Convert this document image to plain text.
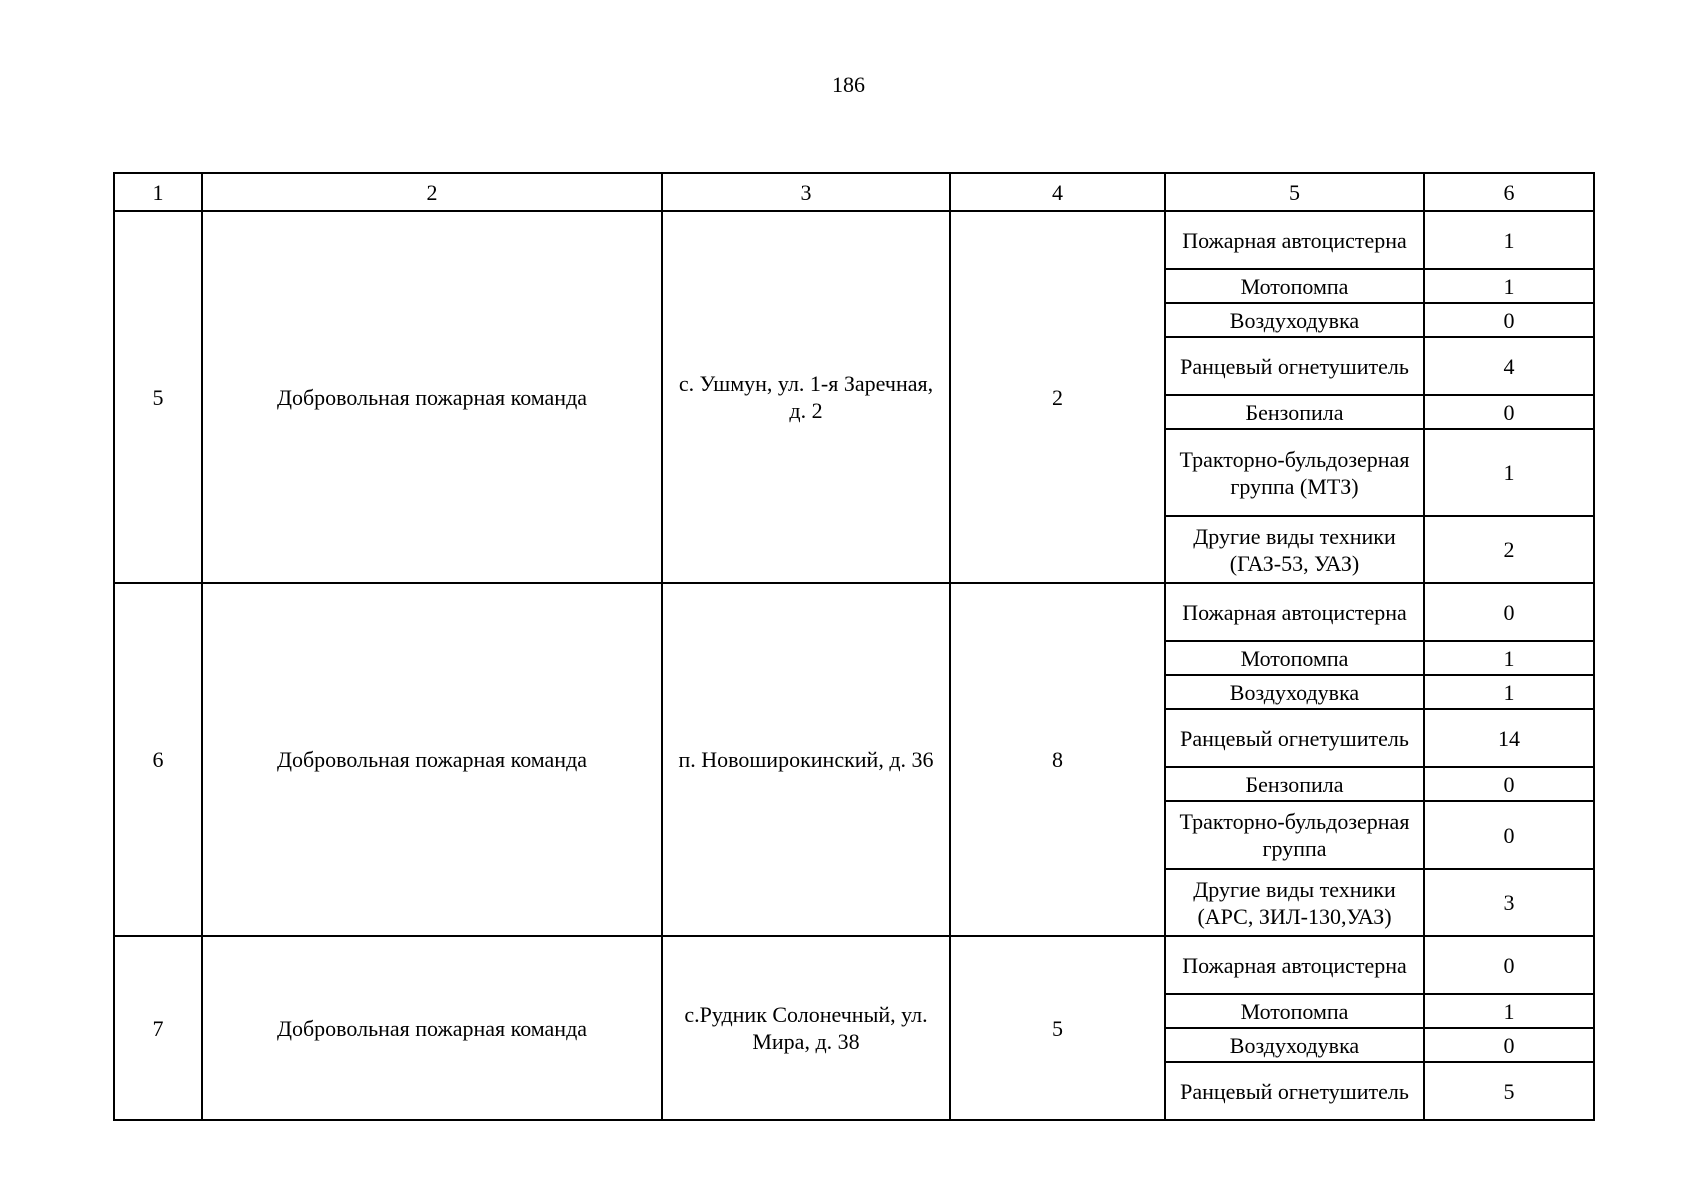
186
1	2	3	4	5	6
5	Добровольная пожарная команда	с. Ушмун, ул. 1-я Заречная, д. 2	2	Пожарная автоцистерна	1
				Мотопомпа	1
				Воздуходувка	0
				Ранцевый огнетушитель	4
				Бензопила	0
				Тракторно-бульдозерная группа (МТЗ)	1
				Другие виды техники (ГАЗ-53, УАЗ)	2
6	Добровольная пожарная команда	п. Новоширокинский, д. 36	8	Пожарная автоцистерна	0
				Мотопомпа	1
				Воздуходувка	1
				Ранцевый огнетушитель	14
				Бензопила	0
				Тракторно-бульдозерная группа	0
				Другие виды техники (АРС, ЗИЛ-130,УАЗ)	3
7	Добровольная пожарная команда	с.Рудник Солонечный, ул. Мира, д. 38	5	Пожарная автоцистерна	0
				Мотопомпа	1
				Воздуходувка	0
				Ранцевый огнетушитель	5
